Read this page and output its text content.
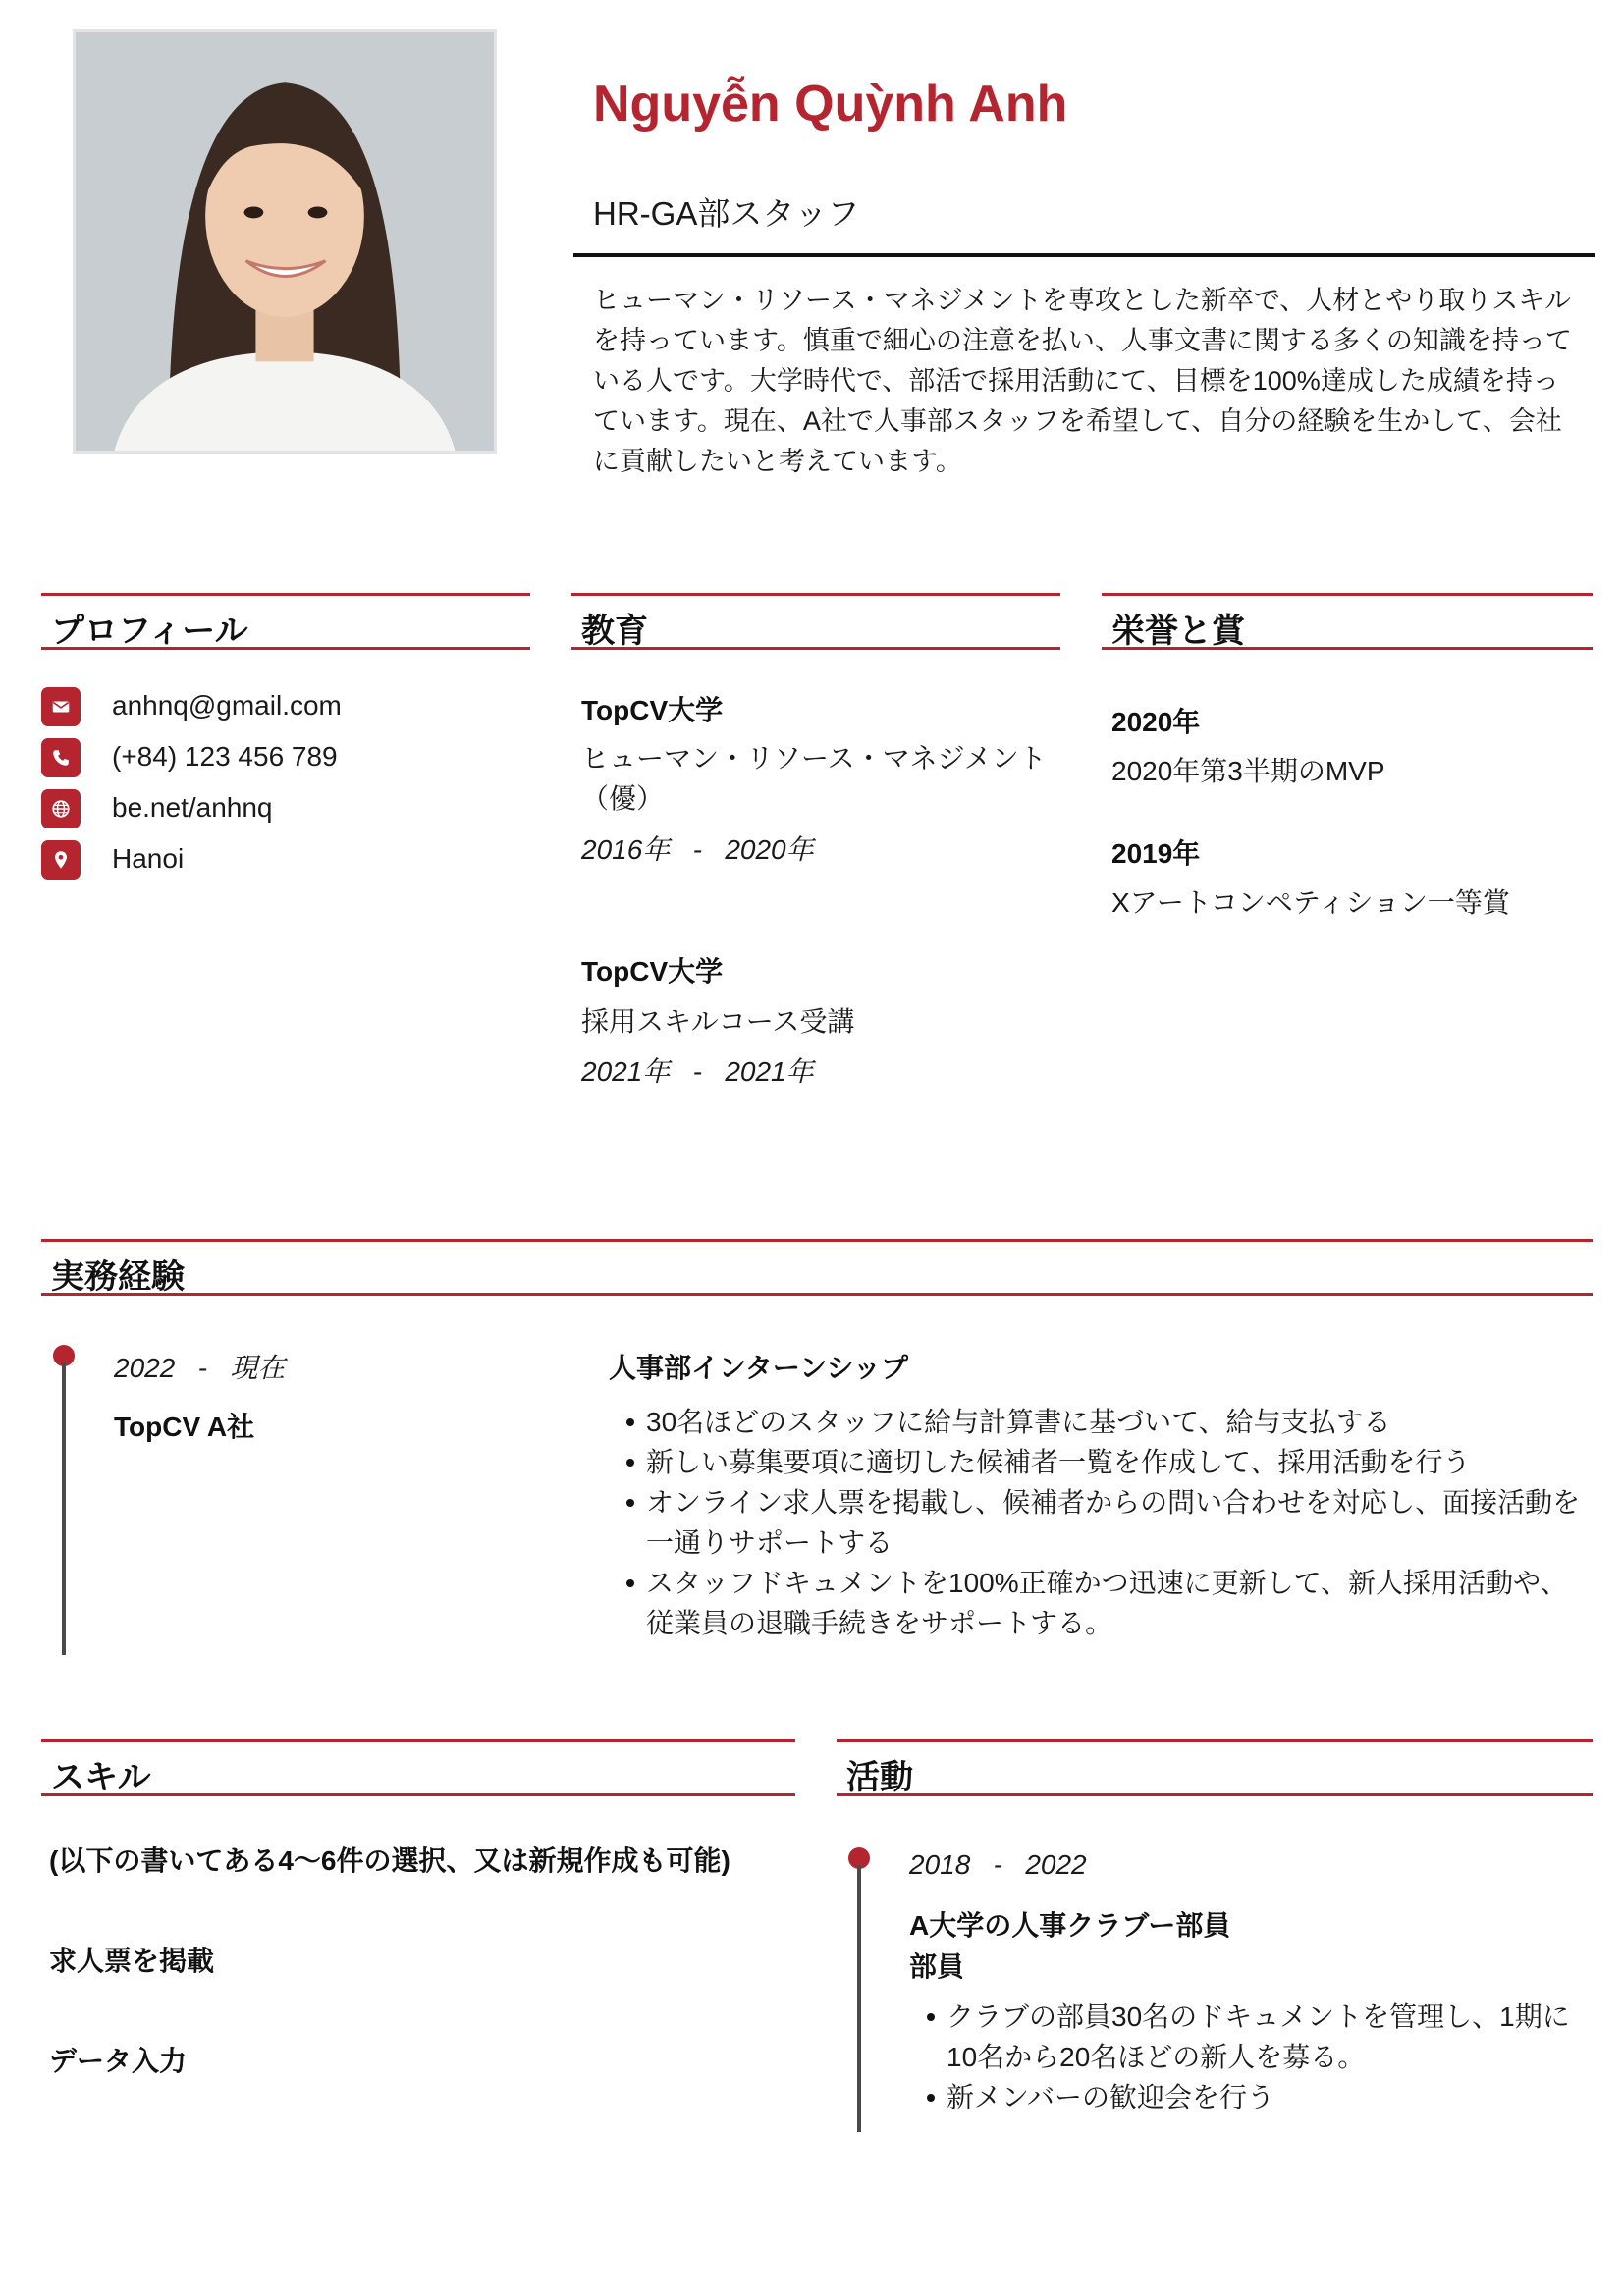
Nguyễn Quỳnh Anh
HR-GA部スタッフ
ヒューマン・リソース・マネジメントを専攻とした新卒で、人材とやり取りスキルを持っています。慎重で細心の注意を払い、人事文書に関する多くの知識を持っている人です。大学時代で、部活で採用活動にて、目標を100%達成した成績を持っています。現在、A社で人事部スタッフを希望して、自分の経験を生かして、会社に貢献したいと考えています。
プロフィール
anhnq@gmail.com
(+84) 123 456 789
be.net/anhnq
Hanoi
教育
TopCV大学
ヒューマン・リソース・マネジメント（優）
2016年 - 2020年
TopCV大学
採用スキルコース受講
2021年 - 2021年
栄誉と賞
2020年
2020年第3半期のMVP
2019年
Xアートコンペティション一等賞
実務経験
2022 - 現在
TopCV A社
人事部インターンシップ
30名ほどのスタッフに給与計算書に基づいて、給与支払する
新しい募集要項に適切した候補者一覧を作成して、採用活動を行う
オンライン求人票を掲載し、候補者からの問い合わせを対応し、面接活動を一通りサポートする
スタッフドキュメントを100%正確かつ迅速に更新して、新人採用活動や、従業員の退職手続きをサポートする。
スキル
(以下の書いてある4～6件の選択、又は新規作成も可能)
求人票を掲載
データ入力
活動
2018 - 2022
A大学の人事クラブー部員
部員
クラブの部員30名のドキュメントを管理し、1期に10名から20名ほどの新人を募る。
新メンバーの歓迎会を行う
